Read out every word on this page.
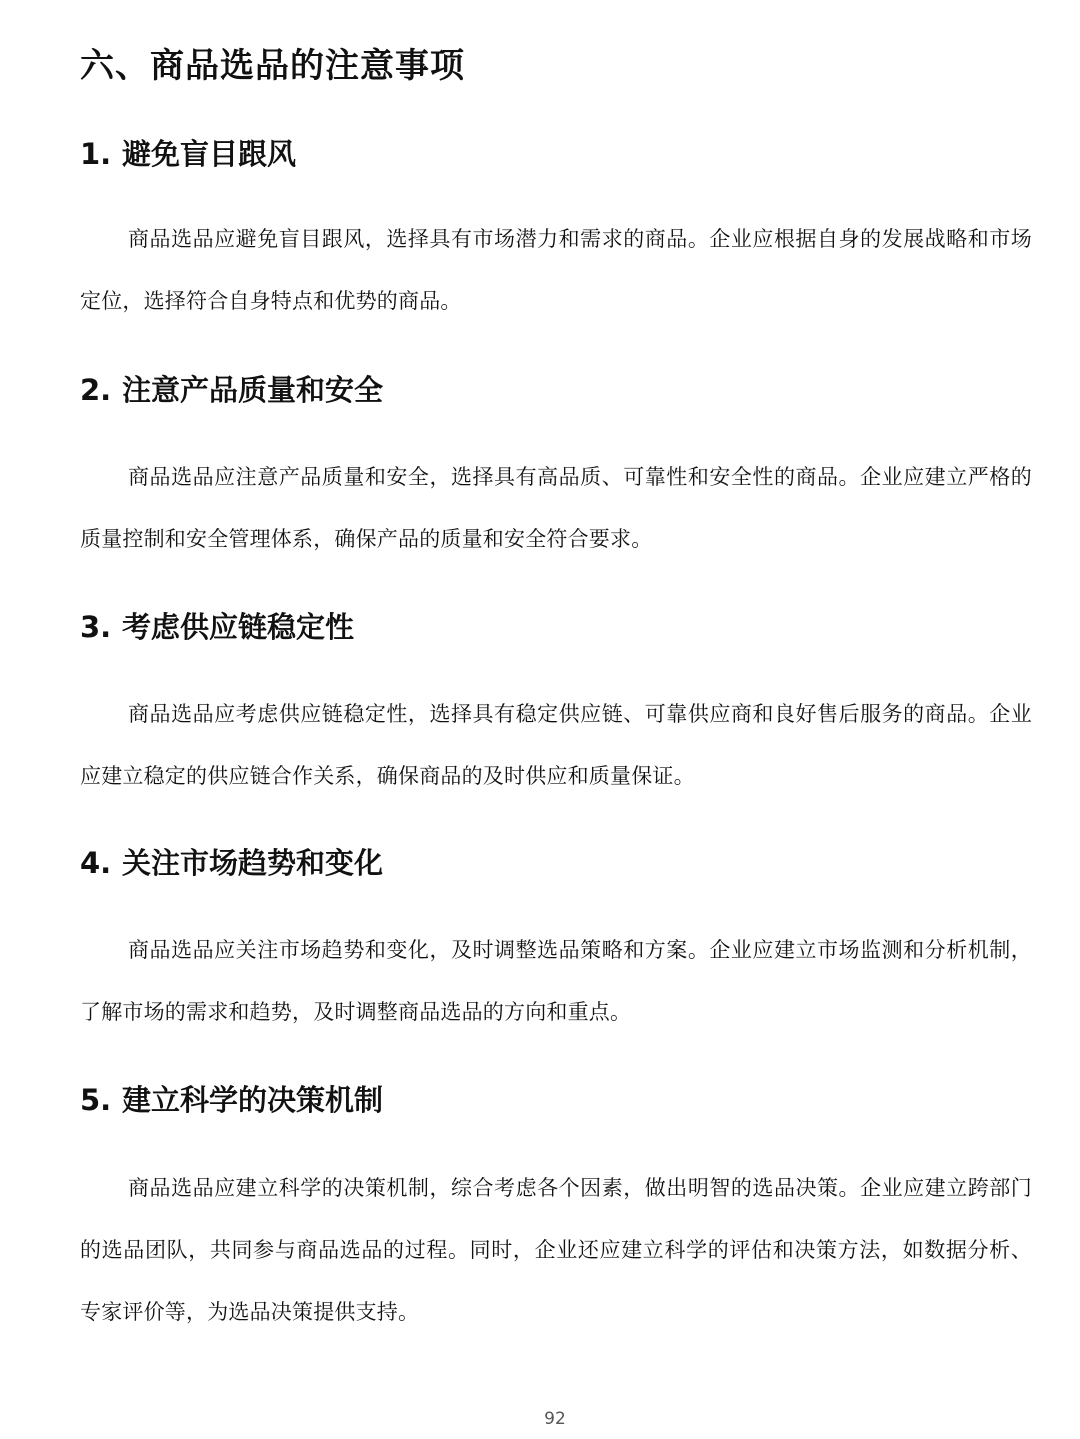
六、商品选品的注意事项
1. 避免盲目跟风

商品选品应避免盲目跟风，选择具有市场潜力和需求的商品。企业应根据自身的发展战略和市场定位，选择符合自身特点和优势的商品。

2. 注意产品质量和安全

商品选品应注意产品质量和安全，选择具有高品质、可靠性和安全性的商品。企业应建立严格的质量控制和安全管理体系，确保产品的质量和安全符合要求。

3. 考虑供应链稳定性

商品选品应考虑供应链稳定性，选择具有稳定供应链、可靠供应商和良好售后服务的商品。企业应建立稳定的供应链合作关系，确保商品的及时供应和质量保证。

4. 关注市场趋势和变化

商品选品应关注市场趋势和变化，及时调整选品策略和方案。企业应建立市场监测和分析机制，了解市场的需求和趋势，及时调整商品选品的方向和重点。

5. 建立科学的决策机制

商品选品应建立科学的决策机制，综合考虑各个因素，做出明智的选品决策。企业应建立跨部门的选品团队，共同参与商品选品的过程。同时，企业还应建立科学的评估和决策方法，如数据分析、专家评价等，为选品决策提供支持。

92
